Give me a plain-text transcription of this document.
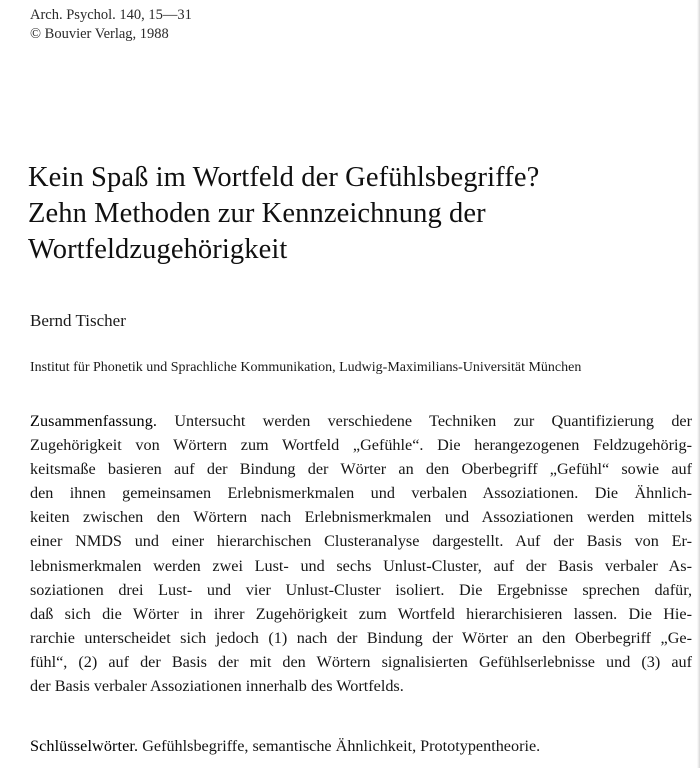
Arch. Psychol. 140, 15—31
© Bouvier Verlag, 1988
Kein Spaß im Wortfeld der Gefühlsbegriffe?
Zehn Methoden zur Kennzeichnung der
Wortfeldzugehörigkeit
Bernd Tischer
Institut für Phonetik und Sprachliche Kommunikation, Ludwig-Maximilians-Universität München
Zusammenfassung. Untersucht werden verschiedene Techniken zur Quantifizierung der
Zugehörigkeit von Wörtern zum Wortfeld „Gefühle“. Die herangezogenen Feldzugehörig-
keitsmaße basieren auf der Bindung der Wörter an den Oberbegriff „Gefühl“ sowie auf
den ihnen gemeinsamen Erlebnismerkmalen und verbalen Assoziationen. Die Ähnlich-
keiten zwischen den Wörtern nach Erlebnismerkmalen und Assoziationen werden mittels
einer NMDS und einer hierarchischen Clusteranalyse dargestellt. Auf der Basis von Er-
lebnismerkmalen werden zwei Lust- und sechs Unlust-Cluster, auf der Basis verbaler As-
soziationen drei Lust- und vier Unlust-Cluster isoliert. Die Ergebnisse sprechen dafür,
daß sich die Wörter in ihrer Zugehörigkeit zum Wortfeld hierarchisieren lassen. Die Hie-
rarchie unterscheidet sich jedoch (1) nach der Bindung der Wörter an den Oberbegriff „Ge-
fühl“, (2) auf der Basis der mit den Wörtern signalisierten Gefühlserlebnisse und (3) auf
der Basis verbaler Assoziationen innerhalb des Wortfelds.
Schlüsselwörter. Gefühlsbegriffe, semantische Ähnlichkeit, Prototypentheorie.
